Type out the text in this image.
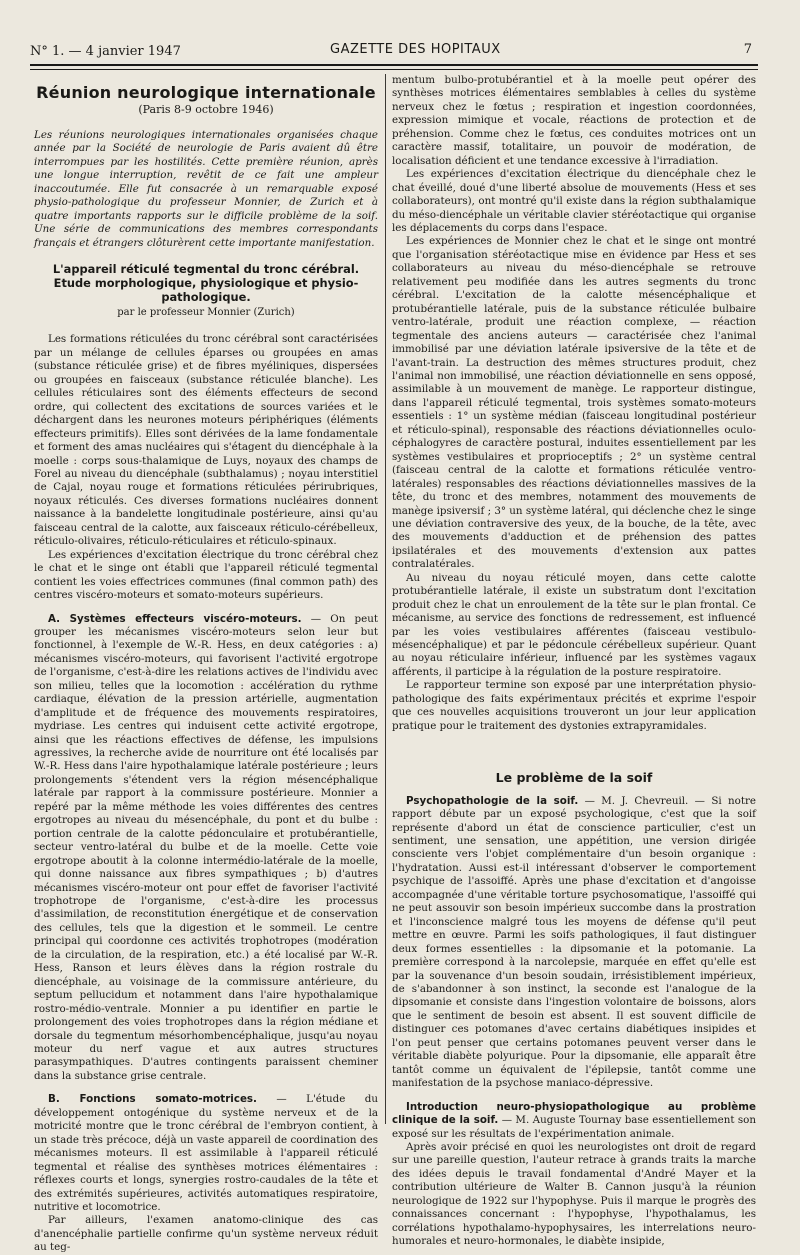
N° 1. — 4 janvier 1947	GAZETTE DES HOPITAUX	7
Réunion neurologique internationale
(Paris 8-9 octobre 1946)
Les réunions neurologiques internationales organisées chaque année par la Société de neurologie de Paris avaient dû être interrompues par les hostilités. Cette première réunion, après une longue interruption, revêtit de ce fait une ampleur inaccoutumée. Elle fut consacrée à un remarquable exposé physio-pathologique du professeur Monnier, de Zurich et à quatre importants rapports sur le difficile problème de la soif. Une série de communications des membres correspondants français et étrangers clôturèrent cette importante manifestation.
L'appareil réticulé tegmental du tronc cérébral. Etude morphologique, physiologique et physio-pathologique.
par le professeur Monnier (Zurich)

Les formations réticulées du tronc cérébral sont caractérisées par un mélange de cellules éparses ou groupées en amas (substance réticulée grise) et de fibres myéliniques, dispersées ou groupées en faisceaux (substance réticulée blanche). Les cellules réticulaires sont des éléments effecteurs de second ordre, qui collectent des excitations de sources variées et le déchargent dans les neurones moteurs périphériques (éléments effecteurs primitifs). Elles sont dérivées de la lame fondamentale et forment des amas nucléaires qui s'étagent du diencéphale à la moelle : corps sous-thalamique de Luys, noyaux des champs de Forel au niveau du diencéphale (subthalamus) ; noyau interstitiel de Cajal, noyau rouge et formations réticulées périrubriques, noyaux réticulés. Ces diverses formations nucléaires donnent naissance à la bandelette longitudinale postérieure, ainsi qu'au faisceau central de la calotte, aux faisceaux réticulo-cérébelleux, réticulo-olivaires, réticulo-réticulaires et réticulo-spinaux.

Les expériences d'excitation électrique du tronc cérébral chez le chat et le singe ont établi que l'appareil réticulé tegmental contient les voies effectrices communes (final common path) des centres viscéro-moteurs et somato-moteurs supérieurs.

A. Systèmes effecteurs viscéro-moteurs. — On peut grouper les mécanismes viscéro-moteurs selon leur but fonctionnel, à l'exemple de W.-R. Hess, en deux catégories : a) mécanismes viscéro-moteurs, qui favorisent l'activité ergotrope de l'organisme, c'est-à-dire les relations actives de l'individu avec son milieu, telles que la locomotion : accélération du rythme cardiaque, élévation de la pression artérielle, augmentation d'amplitude et de fréquence des mouvements respiratoires, mydriase. Les centres qui induisent cette activité ergotrope, ainsi que les réactions effectives de défense, les impulsions agressives, la recherche avide de nourriture ont été localisés par W.-R. Hess dans l'aire hypothalamique latérale postérieure ; leurs prolongements s'étendent vers la région mésencéphalique latérale par rapport à la commissure postérieure. Monnier a repéré par la même méthode les voies différentes des centres ergotropes au niveau du mésencéphale, du pont et du bulbe : portion centrale de la calotte pédonculaire et protubérantielle, secteur ventro-latéral du bulbe et de la moelle. Cette voie ergotrope aboutit à la colonne intermédio-latérale de la moelle, qui donne naissance aux fibres sympathiques ; b) d'autres mécanismes viscéro-moteur ont pour effet de favoriser l'activité trophotrope de l'organisme, c'est-à-dire les processus d'assimilation, de reconstitution énergétique et de conservation des cellules, tels que la digestion et le sommeil. Le centre principal qui coordonne ces activités trophotropes (modération de la circulation, de la respiration, etc.) a été localisé par W.-R. Hess, Ranson et leurs élèves dans la région rostrale du diencéphale, au voisinage de la commissure antérieure, du septum pellucidum et notamment dans l'aire hypothalamique rostro-médio-ventrale. Monnier a pu identifier en partie le prolongement des voies trophotropes dans la région médiane et dorsale du tegmentum mésorhombencéphalique, jusqu'au noyau moteur du nerf vague et aux autres structures parasympathiques. D'autres contingents paraissent cheminer dans la substance grise centrale.

B. Fonctions somato-motrices. — L'étude du développement ontogénique du système nerveux et de la motricité montre que le tronc cérébral de l'embryon contient, à un stade très précoce, déjà un vaste appareil de coordination des mécanismes moteurs. Il est assimilable à l'appareil réticulé tegmental et réalise des synthèses motrices élémentaires : réflexes courts et longs, synergies rostro-caudales de la tête et des extrémités supérieures, activités automatiques respiratoire, nutritive et locomotrice.

Par ailleurs, l'examen anatomo-clinique des cas d'anencéphalie partielle confirme qu'un système nerveux réduit au teg-

mentum bulbo-protubérantiel et à la moelle peut opérer des synthèses motrices élémentaires semblables à celles du système nerveux chez le fœtus ; respiration et ingestion coordonnées, expression mimique et vocale, réactions de protection et de préhension. Comme chez le fœtus, ces conduites motrices ont un caractère massif, totalitaire, un pouvoir de modération, de localisation déficient et une tendance excessive à l'irradiation.

Les expériences d'excitation électrique du diencéphale chez le chat éveillé, doué d'une liberté absolue de mouvements (Hess et ses collaborateurs), ont montré qu'il existe dans la région subthalamique du méso-diencéphale un véritable clavier stéréotactique qui organise les déplacements du corps dans l'espace.

Les expériences de Monnier chez le chat et le singe ont montré que l'organisation stéréotactique mise en évidence par Hess et ses collaborateurs au niveau du méso-diencéphale se retrouve relativement peu modifiée dans les autres segments du tronc cérébral. L'excitation de la calotte mésencéphalique et protubérantielle latérale, puis de la substance réticulée bulbaire ventro-latérale, produit une réaction complexe, — réaction tegmentale des anciens auteurs — caractérisée chez l'animal immobilisé par une déviation latérale ipsiversive de la tête et de l'avant-train. La destruction des mêmes structures produit, chez l'animal non immobilisé, une réaction déviationnelle en sens opposé, assimilable à un mouvement de manège. Le rapporteur distingue, dans l'appareil réticulé tegmental, trois systèmes somato-moteurs essentiels : 1° un système médian (faisceau longitudinal postérieur et réticulo-spinal), responsable des réactions déviationnelles oculo-céphalogyres de caractère postural, induites essentiellement par les systèmes vestibulaires et proprioceptifs ; 2° un système central (faisceau central de la calotte et formations réticulée ventro-latérales) responsables des réactions déviationnelles massives de la tête, du tronc et des membres, notamment des mouvements de manège ipsiversif ; 3° un système latéral, qui déclenche chez le singe une déviation contraversive des yeux, de la bouche, de la tête, avec des mouvements d'adduction et de préhension des pattes ipsilatérales et des mouvements d'extension aux pattes contralatérales.

Au niveau du noyau réticulé moyen, dans cette calotte protubérantielle latérale, il existe un substratum dont l'excitation produit chez le chat un enroulement de la tête sur le plan frontal. Ce mécanisme, au service des fonctions de redressement, est influencé par les voies vestibulaires afférentes (faisceau vestibulo-mésencéphalique) et par le pédoncule cérébelleux supérieur. Quant au noyau réticulaire inférieur, influencé par les systèmes vagaux afférents, il participe à la régulation de la posture respiratoire.

Le rapporteur termine son exposé par une interprétation physio-pathologique des faits expérimentaux précités et exprime l'espoir que ces nouvelles acquisitions trouveront un jour leur application pratique pour le traitement des dystonies extrapyramidales.

Le problème de la soif

Psychopathologie de la soif. — M. J. Chevreuil. — Si notre rapport débute par un exposé psychologique, c'est que la soif représente d'abord un état de conscience particulier, c'est un sentiment, une sensation, une appétition, une version dirigée consciente vers l'objet complémentaire d'un besoin organique : l'hydratation. Aussi est-il intéressant d'observer le comportement psychique de l'assoiffé. Après une phase d'excitation et d'angoisse accompagnée d'une véritable torture psychosomatique, l'assoiffé qui ne peut assouvir son besoin impérieux succombe dans la prostration et l'inconscience malgré tous les moyens de défense qu'il peut mettre en œuvre. Parmi les soifs pathologiques, il faut distinguer deux formes essentielles : la dipsomanie et la potomanie. La première correspond à la narcolepsie, marquée en effet qu'elle est par la souvenance d'un besoin soudain, irrésistiblement impérieux, de s'abandonner à son instinct, la seconde est l'analogue de la dipsomanie et consiste dans l'ingestion volontaire de boissons, alors que le sentiment de besoin est absent. Il est souvent difficile de distinguer ces potomanes d'avec certains diabétiques insipides et l'on peut penser que certains potomanes peuvent verser dans le véritable diabète polyurique. Pour la dipsomanie, elle apparaît être tantôt comme un équivalent de l'épilepsie, tantôt comme une manifestation de la psychose maniaco-dépressive.

Introduction neuro-physiopathologique au problème clinique de la soif. — M. Auguste Tournay base essentiellement son exposé sur les résultats de l'expérimentation animale.

Après avoir précisé en quoi les neurologistes ont droit de regard sur une pareille question, l'auteur retrace à grands traits la marche des idées depuis le travail fondamental d'André Mayer et la contribution ultérieure de Walter B. Cannon jusqu'à la réunion neurologique de 1922 sur l'hypophyse. Puis il marque le progrès des connaissances concernant : l'hypophyse, l'hypothalamus, les corrélations hypothalamo-hypophysaires, les interrelations neuro-humorales et neuro-hormonales, le diabète insipide,
